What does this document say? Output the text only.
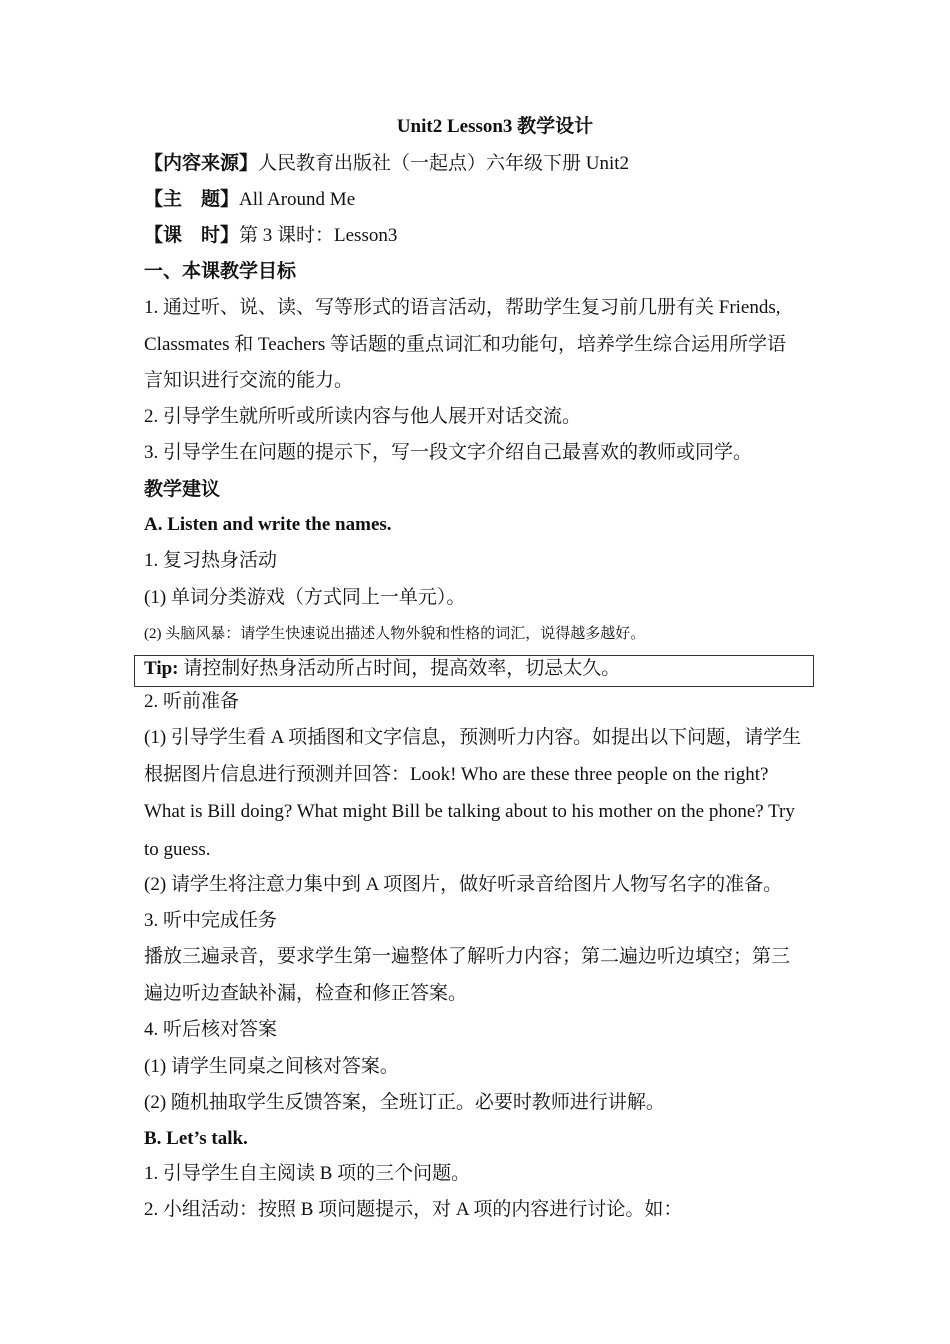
Unit2 Lesson3 教学设计
【内容来源】人民教育出版社（一起点）六年级下册 Unit2
【主　题】All Around Me
【课　时】第 3 课时：Lesson3
一、本课教学目标
1. 通过听、说、读、写等形式的语言活动，帮助学生复习前几册有关 Friends,
Classmates 和 Teachers 等话题的重点词汇和功能句，培养学生综合运用所学语
言知识进行交流的能力。
2. 引导学生就所听或所读内容与他人展开对话交流。
3. 引导学生在问题的提示下，写一段文字介绍自己最喜欢的教师或同学。
教学建议
A. Listen and write the names.
1. 复习热身活动
(1) 单词分类游戏（方式同上一单元）。
(2) 头脑风暴：请学生快速说出描述人物外貌和性格的词汇，说得越多越好。
Tip: 请控制好热身活动所占时间，提高效率，切忌太久。
2. 听前准备
(1) 引导学生看 A 项插图和文字信息，预测听力内容。如提出以下问题，请学生
根据图片信息进行预测并回答：Look! Who are these three people on the right?
What is Bill doing? What might Bill be talking about to his mother on the phone? Try
to guess.
(2) 请学生将注意力集中到 A 项图片，做好听录音给图片人物写名字的准备。
3. 听中完成任务
播放三遍录音，要求学生第一遍整体了解听力内容；第二遍边听边填空；第三
遍边听边查缺补漏，检查和修正答案。
4. 听后核对答案
(1) 请学生同桌之间核对答案。
(2) 随机抽取学生反馈答案，全班订正。必要时教师进行讲解。
B. Let’s talk.
1. 引导学生自主阅读 B 项的三个问题。
2. 小组活动：按照 B 项问题提示，对 A 项的内容进行讨论。如：
